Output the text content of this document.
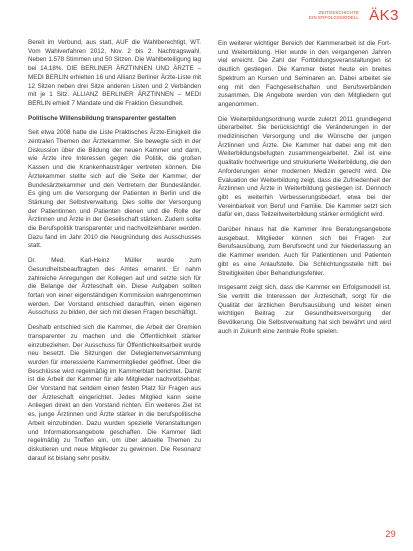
ZEITGESCHICHTE
EIN ERFOLGSMODELL ÄK3

Bereit im Verbund, aus statt, AUF die Wahlberechtigt, WT. Vom Wahlverfahren 2012, Nov. 2 bis 2. Nachtragswahl. Neben 1.578 Stimmen und 50 Sitzen. Die Wahlbeteiligung lag bei 14,18%. DIE BERLINER ÄRZTINNEN UND ÄRZTE – MEDI BERLIN erhielten 16 und Allianz Berliner Ärzte-Liste mit 12 Sitzen neben drei Sitze anderen Listen und 2 Verbänden mit je 1 Sitz. ALLIANZ BERLINER ÄRZTINNEN – MEDI BERLIN erhielt 7 Mandate und die Fraktion Gesundheit.

Politische Willensbildung transparenter gestalten

Seit etwa 2008 hatte die Liste Praktisches Ärzte-Einigkeit die zentralen Themen der Ärztekammer. Sie bewegte sich in der Diskussion über die Bildung der neuen Kammer und darin, wie Ärzte ihre Interessen gegen die Politik, die großen Kassen und die Krankenhausträger vertreten können. Die Ärztekammer stellte sich auf die Seite der Kammer, der Bundesärztekammer und den Vertretern der Bundesländer. Es ging um die Versorgung der Patienten in Berlin und die Stärkung der Selbstverwaltung. Dies sollte der Versorgung der Patientinnen und Patienten dienen und die Rolle der Ärztinnen und Ärzte in der Gesellschaft stärken. Zudem sollte die Berufspolitik transparenter und nachvollziehbarer werden. Dazu fand im Jahr 2010 die Neugründung des Ausschusses statt.

Dr. Med. Karl-Heinz Müller wurde zum Gesundheitsbeauftragten des Amtes ernannt. Er nahm zahlreiche Anregungen der Kollegen auf und setzte sich für die Belange der Ärzteschaft ein. Diese Aufgaben sollten fortan von einer eigenständigen Kommission wahrgenommen werden. Der Vorstand entschied daraufhin, einen eigenen Ausschuss zu bilden, der sich mit diesen Fragen beschäftigt.

Deshalb entschied sich die Kammer, die Arbeit der Gremien transparenter zu machen und die Öffentlichkeit stärker einzubeziehen. Der Ausschuss für Öffentlichkeitsarbeit wurde neu besetzt. Die Sitzungen der Delegiertenversammlung wurden für interessierte Kammermitglieder geöffnet. Über die Beschlüsse wird regelmäßig im Kammerblatt berichtet. Damit ist die Arbeit der Kammer für alle Mitglieder nachvollziehbar. Der Vorstand hat seitdem einen festen Platz für Fragen aus der Ärzteschaft eingerichtet. Jedes Mitglied kann seine Anliegen direkt an den Vorstand richten. Ein weiteres Ziel ist es, junge Ärztinnen und Ärzte stärker in die berufspolitische Arbeit einzubinden. Dazu wurden spezielle Veranstaltungen und Informationsangebote geschaffen. Die Kammer lädt regelmäßig zu Treffen ein, um über aktuelle Themen zu diskutieren und neue Mitglieder zu gewinnen. Die Resonanz darauf ist bislang sehr positiv.

Ein weiterer wichtiger Bereich der Kammerarbeit ist die Fort- und Weiterbildung. Hier wurde in den vergangenen Jahren viel erreicht. Die Zahl der Fortbildungsveranstaltungen ist deutlich gestiegen. Die Kammer bietet heute ein breites Spektrum an Kursen und Seminaren an. Dabei arbeitet sie eng mit den Fachgesellschaften und Berufsverbänden zusammen. Die Angebote werden von den Mitgliedern gut angenommen.

Die Weiterbildungsordnung wurde zuletzt 2011 grundlegend überarbeitet. Sie berücksichtigt die Veränderungen in der medizinischen Versorgung und die Wünsche der jungen Ärztinnen und Ärzte. Die Kammer hat dabei eng mit den Weiterbildungsbefugten zusammengearbeitet. Ziel ist eine qualitativ hochwertige und strukturierte Weiterbildung, die den Anforderungen einer modernen Medizin gerecht wird. Die Evaluation der Weiterbildung zeigt, dass die Zufriedenheit der Ärztinnen und Ärzte in Weiterbildung gestiegen ist. Dennoch gibt es weiterhin Verbesserungsbedarf, etwa bei der Vereinbarkeit von Beruf und Familie. Die Kammer setzt sich dafür ein, dass Teilzeitweiterbildung stärker ermöglicht wird.

Darüber hinaus hat die Kammer ihre Beratungsangebote ausgebaut. Mitglieder können sich bei Fragen zur Berufsausübung, zum Berufsrecht und zur Niederlassung an die Kammer wenden. Auch für Patientinnen und Patienten gibt es eine Anlaufstelle. Die Schlichtungsstelle hilft bei Streitigkeiten über Behandlungsfehler.

Insgesamt zeigt sich, dass die Kammer ein Erfolgsmodell ist. Sie vertritt die Interessen der Ärzteschaft, sorgt für die Qualität der ärztlichen Berufsausübung und leistet einen wichtigen Beitrag zur Gesundheitsversorgung der Bevölkerung. Die Selbstverwaltung hat sich bewährt und wird auch in Zukunft eine zentrale Rolle spielen.

29
